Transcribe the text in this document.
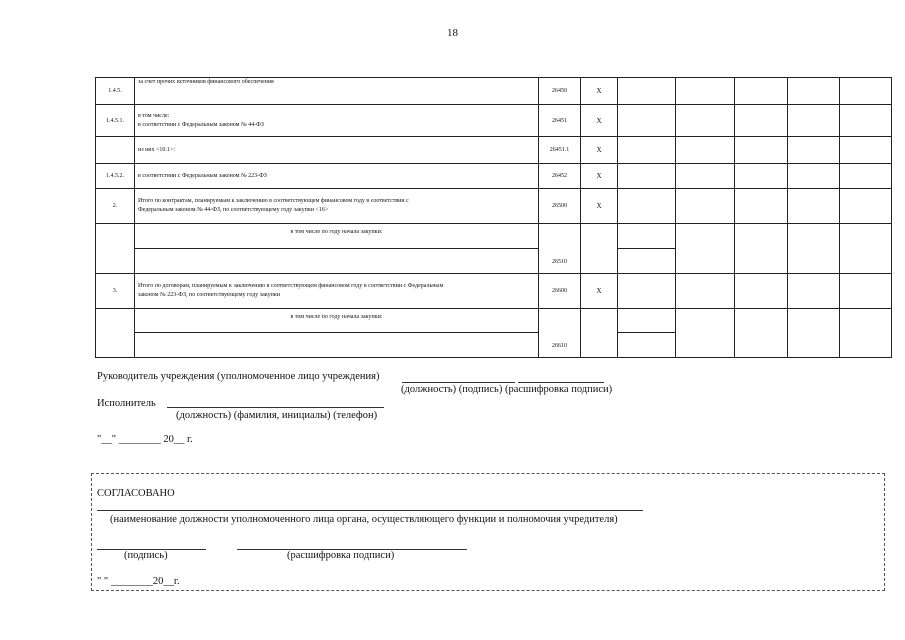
18
1.4.5.	за счет прочих источников финансового обеспечения	26450	X					
1.4.5.1.	в том числе:
в соответствии с Федеральным законом № 44-ФЗ	26451	X					
	из них <10.1>:	26451.1	X					
1.4.5.2.	в соответствии с Федеральным законом № 223-ФЗ	26452	X					
2.	Итого по контрактам, планируемым к заключению в соответствующем финансовом году в соответствии с
Федеральным законом № 44-ФЗ, по соответствующему году закупки <16>	26500	X					
	в том числе по году начала закупки:	26510						

3.	Итого по договорам, планируемым к заключению в соответствующем финансовом году в соответствии с Федеральным
законом № 223-ФЗ, по соответствующему году закупки	26600	X					
	в том числе по году начала закупки:	26610						

Руководитель учреждения (уполномоченное лицо учреждения)
(должность) (подпись) (расшифровка подписи)
Исполнитель
(должность) (фамилия, инициалы) (телефон)
"__" ________ 20__ г.
СОГЛАСОВАНО
(наименование должности уполномоченного лица органа, осуществляющего функции и полномочия учредителя)
(подпись)	(расшифровка подписи)
" " ________20__г.
